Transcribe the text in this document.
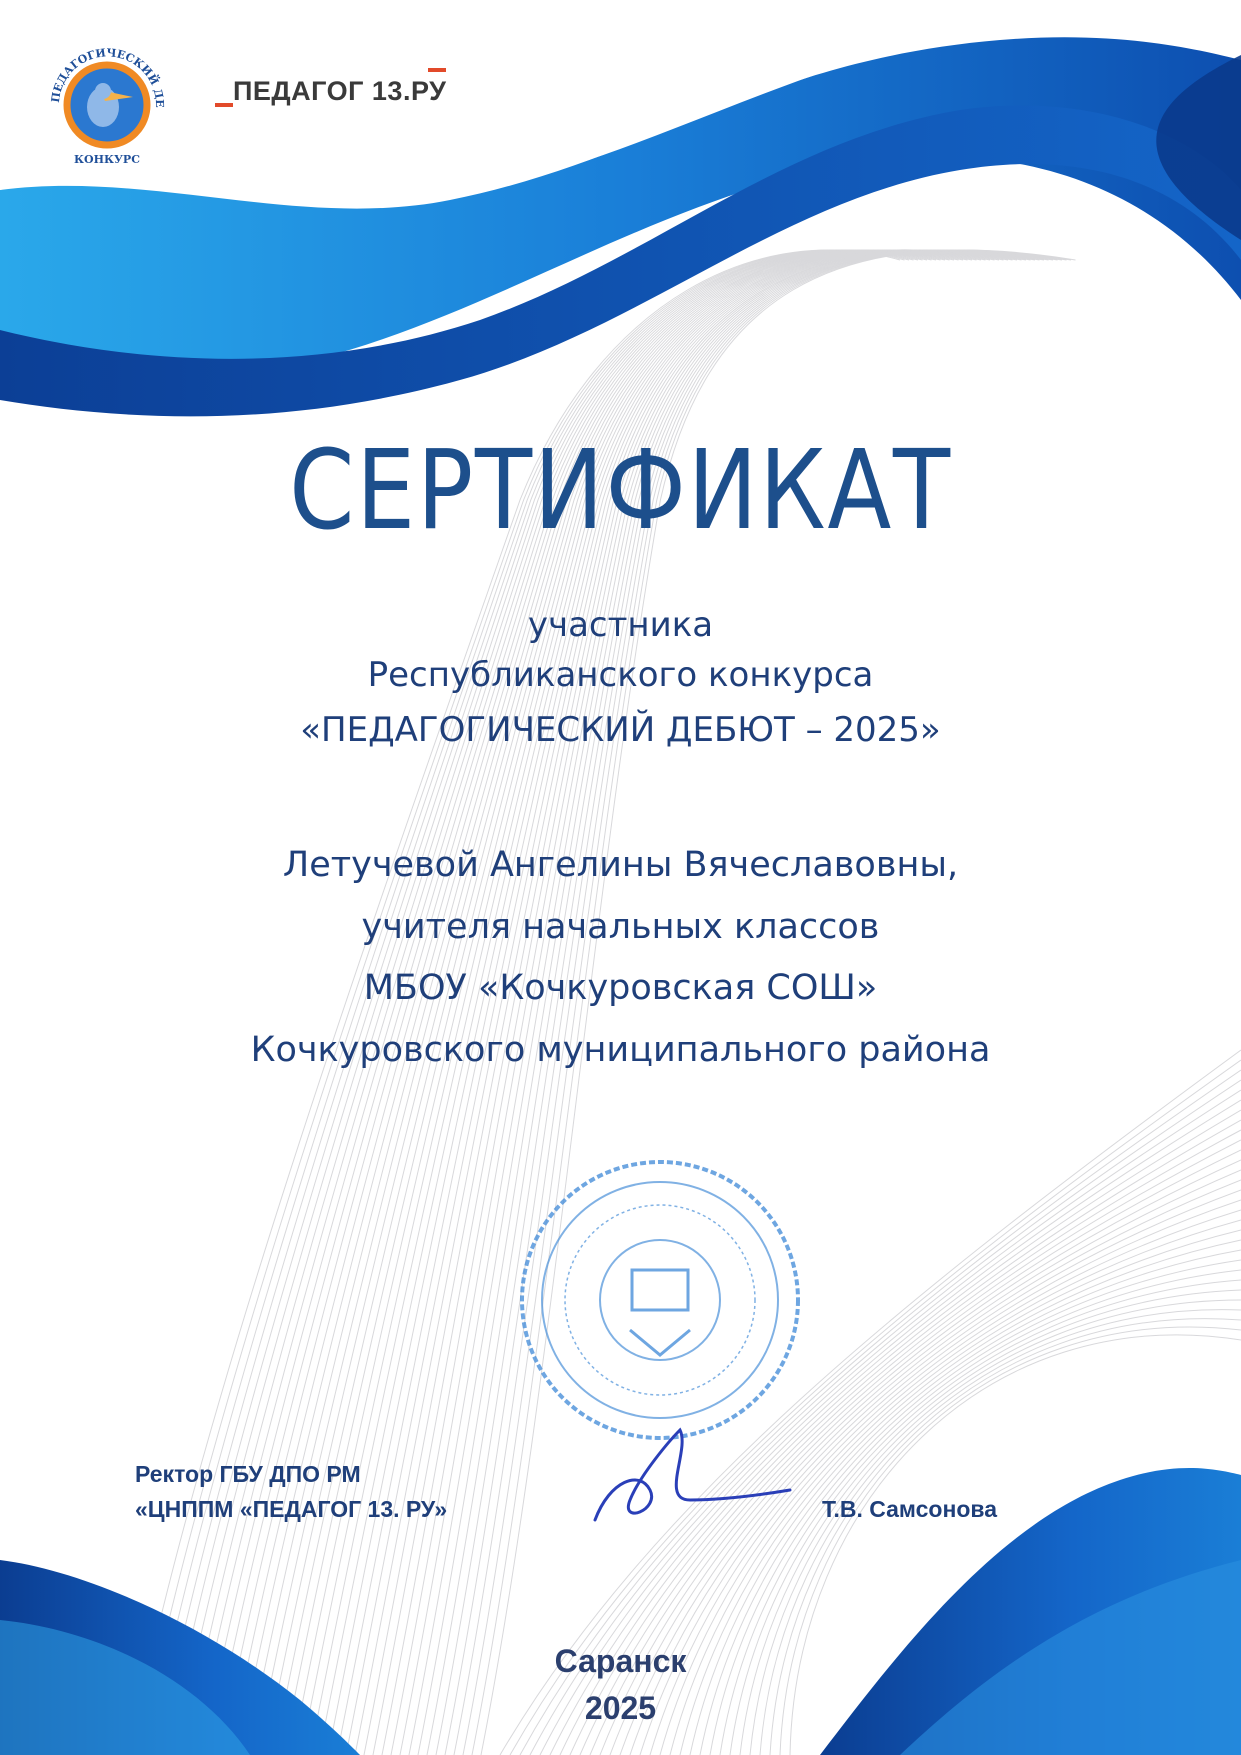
ПЕДАГОГИЧЕСКИЙ ДЕ
КОНКУРС
ПЕДАГОГ 13.РУ
СЕРТИФИКАТ
участника
Республиканского конкурса
«ПЕДАГОГИЧЕСКИЙ ДЕБЮТ – 2025»
Летучевой Ангелины Вячеславовны,
учителя начальных классов
МБОУ «Кочкуровская СОШ»
Кочкуровского муниципального района
Ректор ГБУ ДПО РМ
«ЦНППМ «ПЕДАГОГ 13. РУ»	Т.В. Самсонова
Саранск
2025
